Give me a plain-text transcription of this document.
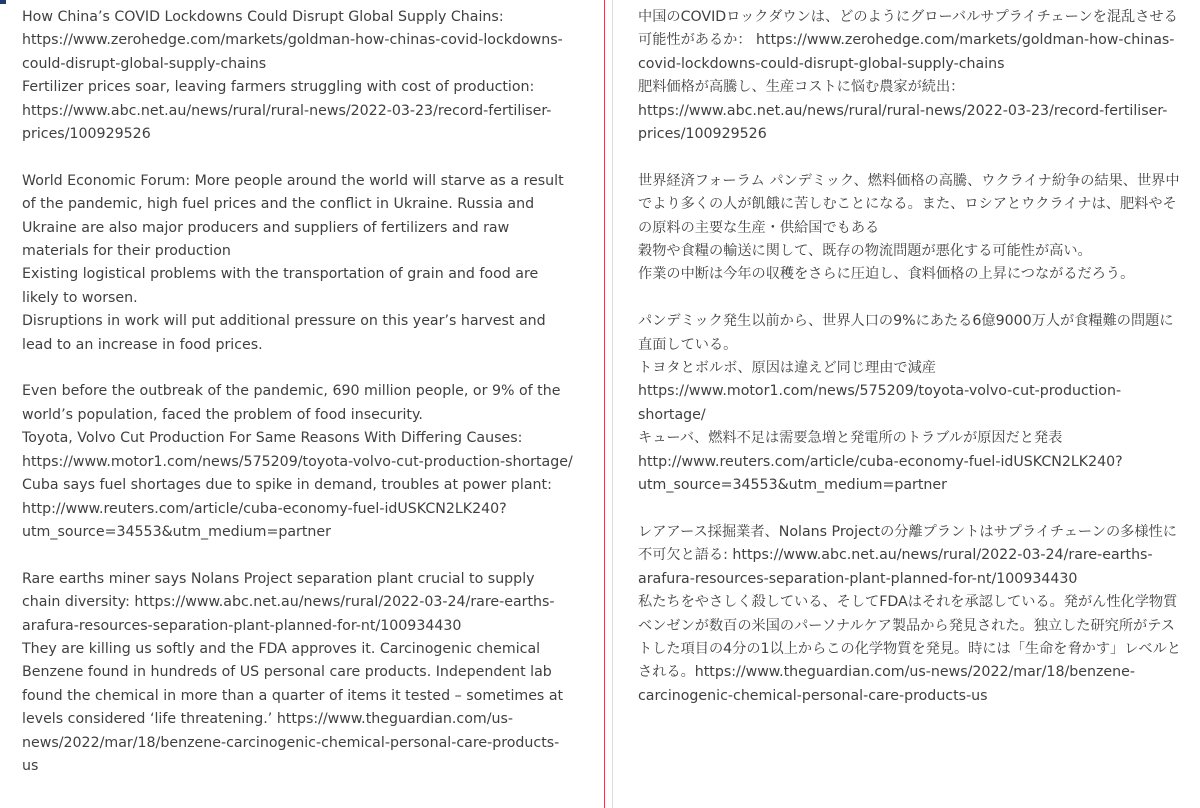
How China’s COVID Lockdowns Could Disrupt Global Supply Chains:
https://www.zerohedge.com/markets/goldman-how-chinas-covid-lockdowns-could-disrupt-global-supply-chains
Fertilizer prices soar, leaving farmers struggling with cost of production:
https://www.abc.net.au/news/rural/rural-news/2022-03-23/record-fertiliser-prices/100929526
World Economic Forum: More people around the world will starve as a result of the pandemic, high fuel prices and the conflict in Ukraine. Russia and Ukraine are also major producers and suppliers of fertilizers and raw materials for their production
Existing logistical problems with the transportation of grain and food are likely to worsen.
Disruptions in work will put additional pressure on this year’s harvest and lead to an increase in food prices.
Even before the outbreak of the pandemic, 690 million people, or 9% of the world’s population, faced the problem of food insecurity.
Toyota, Volvo Cut Production For Same Reasons With Differing Causes:
https://www.motor1.com/news/575209/toyota-volvo-cut-production-shortage/
Cuba says fuel shortages due to spike in demand, troubles at power plant:
http://www.reuters.com/article/cuba-economy-fuel-idUSKCN2LK240?utm_source=34553&utm_medium=partner
Rare earths miner says Nolans Project separation plant crucial to supply chain diversity: https://www.abc.net.au/news/rural/2022-03-24/rare-earths-arafura-resources-separation-plant-planned-for-nt/100934430
They are killing us softly and the FDA approves it. Carcinogenic chemical Benzene found in hundreds of US personal care products. Independent lab found the chemical in more than a quarter of items it tested – sometimes at levels considered ‘life threatening.’ https://www.theguardian.com/us-news/2022/mar/18/benzene-carcinogenic-chemical-personal-care-products-us
中国のCOVIDロックダウンは、どのようにグローバルサプライチェーンを混乱させる可能性があるか： https://www.zerohedge.com/markets/goldman-how-chinas-covid-lockdowns-could-disrupt-global-supply-chains
肥料価格が高騰し、生産コストに悩む農家が続出：
https://www.abc.net.au/news/rural/rural-news/2022-03-23/record-fertiliser-prices/100929526
世界経済フォーラム パンデミック、燃料価格の高騰、ウクライナ紛争の結果、世界中でより多くの人が飢餓に苦しむことになる。また、ロシアとウクライナは、肥料やその原料の主要な生産・供給国でもある
穀物や食糧の輸送に関して、既存の物流問題が悪化する可能性が高い。
作業の中断は今年の収穫をさらに圧迫し、食料価格の上昇につながるだろう。
パンデミック発生以前から、世界人口の9%にあたる6億9000万人が食糧難の問題に直面している。
トヨタとボルボ、原因は違えど同じ理由で減産
https://www.motor1.com/news/575209/toyota-volvo-cut-production-shortage/
キューバ、燃料不足は需要急増と発電所のトラブルが原因だと発表
http://www.reuters.com/article/cuba-economy-fuel-idUSKCN2LK240?utm_source=34553&utm_medium=partner
レアアース採掘業者、Nolans Projectの分離プラントはサプライチェーンの多様性に不可欠と語る: https://www.abc.net.au/news/rural/2022-03-24/rare-earths-arafura-resources-separation-plant-planned-for-nt/100934430
私たちをやさしく殺している、そしてFDAはそれを承認している。発がん性化学物質ベンゼンが数百の米国のパーソナルケア製品から発見された。独立した研究所がテストした項目の4分の1以上からこの化学物質を発見。時には「生命を脅かす」レベルとされる。https://www.theguardian.com/us-news/2022/mar/18/benzene-carcinogenic-chemical-personal-care-products-us
